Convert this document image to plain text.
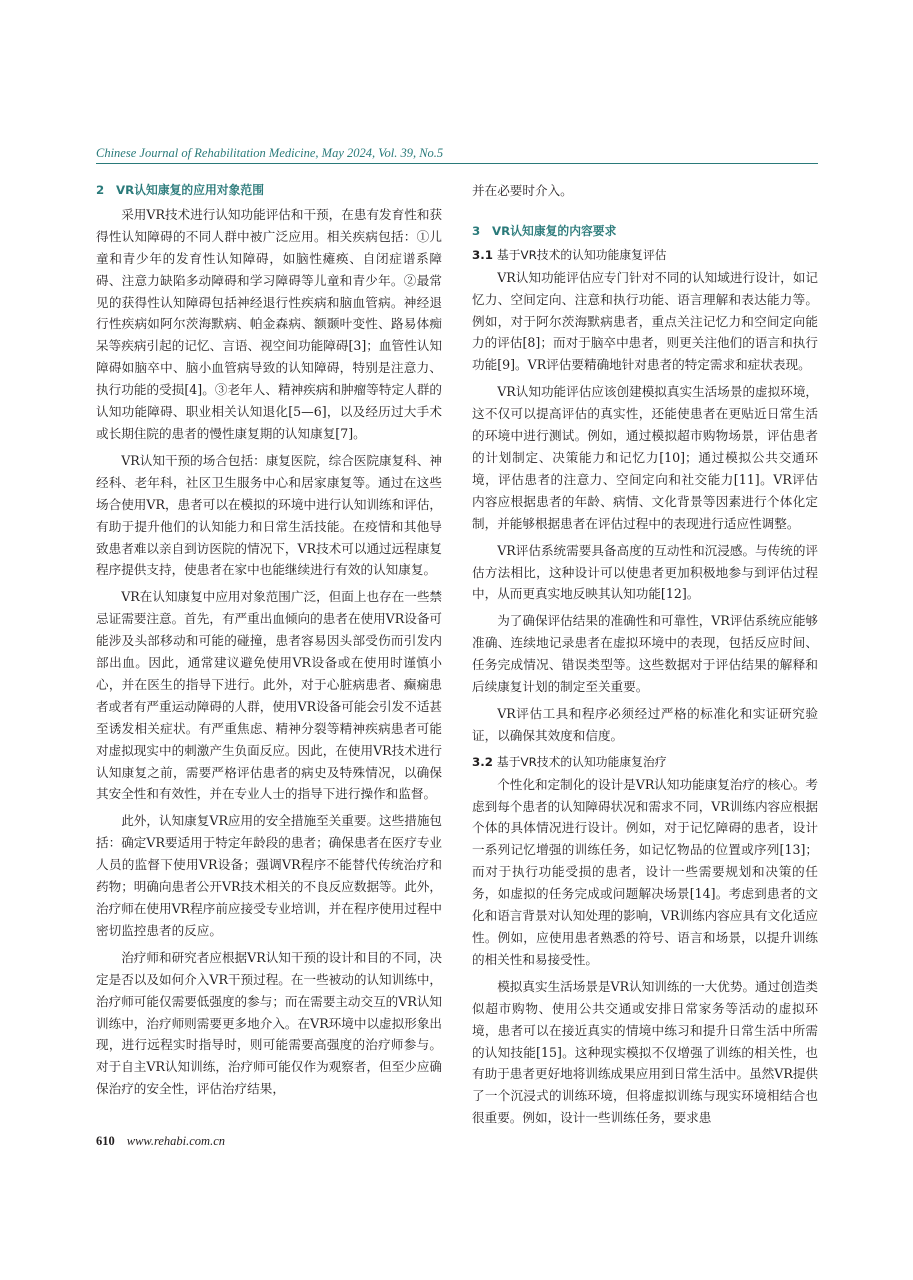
Chinese Journal of Rehabilitation Medicine, May 2024, Vol. 39, No.5
2　VR认知康复的应用对象范围

采用VR技术进行认知功能评估和干预，在患有发育性和获得性认知障碍的不同人群中被广泛应用。相关疾病包括：①儿童和青少年的发育性认知障碍，如脑性瘫痪、自闭症谱系障碍、注意力缺陷多动障碍和学习障碍等儿童和青少年。②最常见的获得性认知障碍包括神经退行性疾病和脑血管病。神经退行性疾病如阿尔茨海默病、帕金森病、额颞叶变性、路易体痴呆等疾病引起的记忆、言语、视空间功能障碍[3]；血管性认知障碍如脑卒中、脑小血管病导致的认知障碍，特别是注意力、执行功能的受损[4]。③老年人、精神疾病和肿瘤等特定人群的认知功能障碍、职业相关认知退化[5—6]，以及经历过大手术或长期住院的患者的慢性康复期的认知康复[7]。

VR认知干预的场合包括：康复医院，综合医院康复科、神经科、老年科，社区卫生服务中心和居家康复等。通过在这些场合使用VR，患者可以在模拟的环境中进行认知训练和评估，有助于提升他们的认知能力和日常生活技能。在疫情和其他导致患者难以亲自到访医院的情况下，VR技术可以通过远程康复程序提供支持，使患者在家中也能继续进行有效的认知康复。

VR在认知康复中应用对象范围广泛，但面上也存在一些禁忌证需要注意。首先，有严重出血倾向的患者在使用VR设备可能涉及头部移动和可能的碰撞，患者容易因头部受伤而引发内部出血。因此，通常建议避免使用VR设备或在使用时谨慎小心，并在医生的指导下进行。此外，对于心脏病患者、癫痫患者或者有严重运动障碍的人群，使用VR设备可能会引发不适甚至诱发相关症状。有严重焦虑、精神分裂等精神疾病患者可能对虚拟现实中的刺激产生负面反应。因此，在使用VR技术进行认知康复之前，需要严格评估患者的病史及特殊情况，以确保其安全性和有效性，并在专业人士的指导下进行操作和监督。

此外，认知康复VR应用的安全措施至关重要。这些措施包括：确定VR要适用于特定年龄段的患者；确保患者在医疗专业人员的监督下使用VR设备；强调VR程序不能替代传统治疗和药物；明确向患者公开VR技术相关的不良反应数据等。此外，治疗师在使用VR程序前应接受专业培训，并在程序使用过程中密切监控患者的反应。

治疗师和研究者应根据VR认知干预的设计和目的不同，决定是否以及如何介入VR干预过程。在一些被动的认知训练中，治疗师可能仅需要低强度的参与；而在需要主动交互的VR认知训练中，治疗师则需要更多地介入。在VR环境中以虚拟形象出现，进行远程实时指导时，则可能需要高强度的治疗师参与。对于自主VR认知训练，治疗师可能仅作为观察者，但至少应确保治疗的安全性，评估治疗结果，

并在必要时介入。

3　VR认知康复的内容要求
3.1 基于VR技术的认知功能康复评估

VR认知功能评估应专门针对不同的认知域进行设计，如记忆力、空间定向、注意和执行功能、语言理解和表达能力等。例如，对于阿尔茨海默病患者，重点关注记忆力和空间定向能力的评估[8]；而对于脑卒中患者，则更关注他们的语言和执行功能[9]。VR评估要精确地针对患者的特定需求和症状表现。

VR认知功能评估应该创建模拟真实生活场景的虚拟环境，这不仅可以提高评估的真实性，还能使患者在更贴近日常生活的环境中进行测试。例如，通过模拟超市购物场景，评估患者的计划制定、决策能力和记忆力[10]；通过模拟公共交通环境，评估患者的注意力、空间定向和社交能力[11]。VR评估内容应根据患者的年龄、病情、文化背景等因素进行个体化定制，并能够根据患者在评估过程中的表现进行适应性调整。

VR评估系统需要具备高度的互动性和沉浸感。与传统的评估方法相比，这种设计可以使患者更加积极地参与到评估过程中，从而更真实地反映其认知功能[12]。

为了确保评估结果的准确性和可靠性，VR评估系统应能够准确、连续地记录患者在虚拟环境中的表现，包括反应时间、任务完成情况、错误类型等。这些数据对于评估结果的解释和后续康复计划的制定至关重要。

VR评估工具和程序必须经过严格的标准化和实证研究验证，以确保其效度和信度。

3.2 基于VR技术的认知功能康复治疗

个性化和定制化的设计是VR认知功能康复治疗的核心。考虑到每个患者的认知障碍状况和需求不同，VR训练内容应根据个体的具体情况进行设计。例如，对于记忆障碍的患者，设计一系列记忆增强的训练任务，如记忆物品的位置或序列[13]；而对于执行功能受损的患者，设计一些需要规划和决策的任务，如虚拟的任务完成或问题解决场景[14]。考虑到患者的文化和语言背景对认知处理的影响，VR训练内容应具有文化适应性。例如，应使用患者熟悉的符号、语言和场景，以提升训练的相关性和易接受性。

模拟真实生活场景是VR认知训练的一大优势。通过创造类似超市购物、使用公共交通或安排日常家务等活动的虚拟环境，患者可以在接近真实的情境中练习和提升日常生活中所需的认知技能[15]。这种现实模拟不仅增强了训练的相关性，也有助于患者更好地将训练成果应用到日常生活中。虽然VR提供了一个沉浸式的训练环境，但将虚拟训练与现实环境相结合也很重要。例如，设计一些训练任务，要求患

610 www.rehabi.com.cn
